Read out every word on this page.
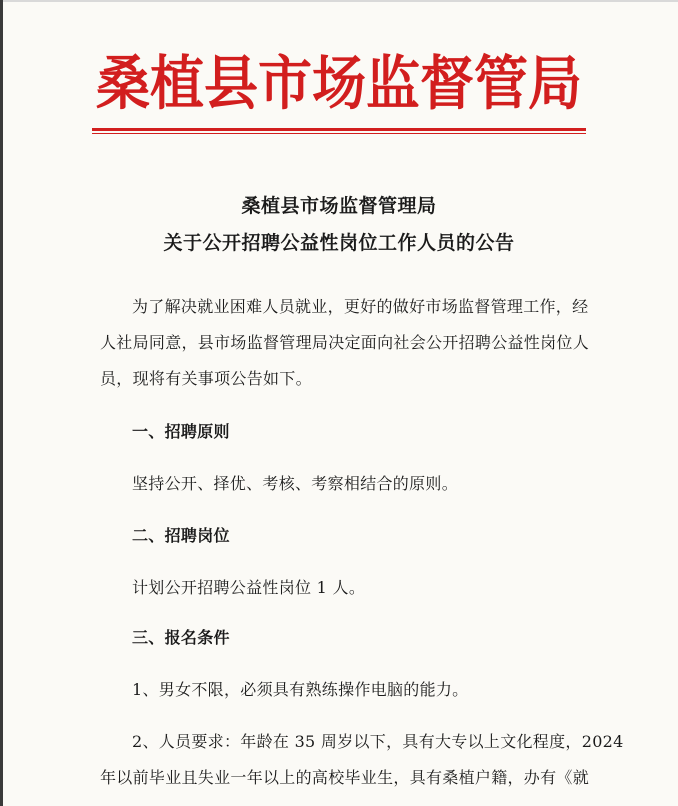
桑植县市场监督管局
桑植县市场监督管理局
关于公开招聘公益性岗位工作人员的公告
为了解决就业困难人员就业，更好的做好市场监督管理工作，经
人社局同意，县市场监督管理局决定面向社会公开招聘公益性岗位人
员，现将有关事项公告如下。
一、招聘原则
坚持公开、择优、考核、考察相结合的原则。
二、招聘岗位
计划公开招聘公益性岗位 1 人。
三、报名条件
1、男女不限，必须具有熟练操作电脑的能力。
2、人员要求：年龄在 35 周岁以下，具有大专以上文化程度，2024
年以前毕业且失业一年以上的高校毕业生，具有桑植户籍，办有《就
